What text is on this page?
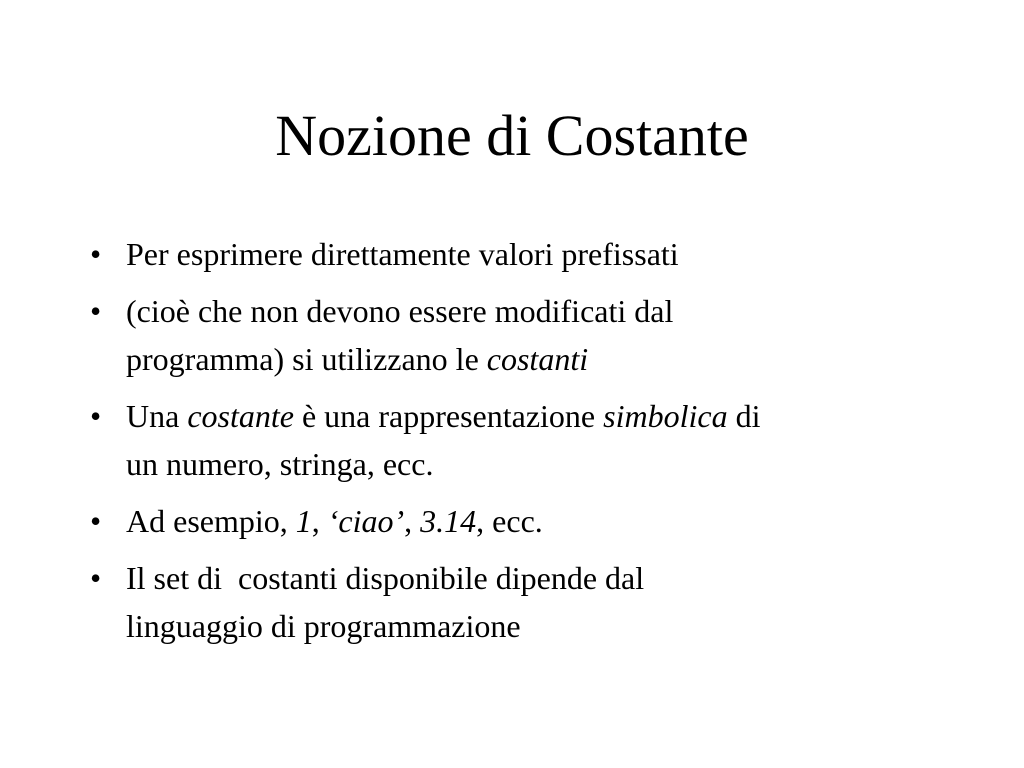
Nozione di Costante
• Per esprimere direttamente valori prefissati
• (cioè che non devono essere modificati dal
programma) si utilizzano le costanti
• Una costante è una rappresentazione simbolica di
un numero, stringa, ecc.
• Ad esempio, 1, ‘ciao’, 3.14, ecc.
• Il set di  costanti disponibile dipende dal
linguaggio di programmazione
